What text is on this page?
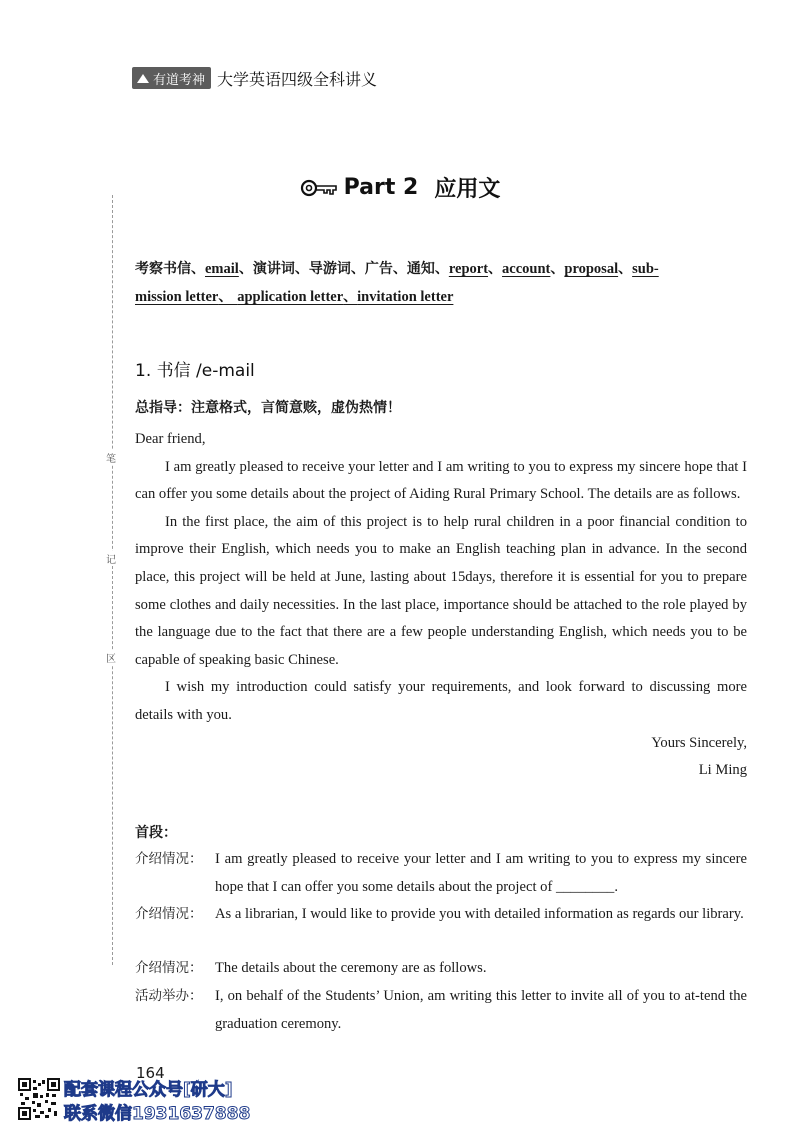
有道考神 大学英语四级全科讲义
笔
记
区
Part 2 应用文
考察书信、email、演讲词、导游词、广告、通知、report、account、proposal、sub-
mission letter、 application letter、invitation letter
1. 书信 /e-mail
总指导：注意格式，言简意赅，虚伪热情！

Dear friend,

I am greatly pleased to receive your letter and I am writing to you to express my sincere hope that I can offer you some details about the project of Aiding Rural Primary School. The details are as follows.

In the first place, the aim of this project is to help rural children in a poor financial condition to improve their English, which needs you to make an English teaching plan in advance. In the second place, this project will be held at June, lasting about 15days, therefore it is essential for you to prepare some clothes and daily necessities. In the last place, importance should be attached to the role played by the language due to the fact that there are a few people understanding English, which needs you to be capable of speaking basic Chinese.

I wish my introduction could satisfy your requirements, and look forward to discussing more details with you.

Yours Sincerely,

Li Ming

首段：
介绍情况： I am greatly pleased to receive your letter and I am writing to you to express my sincere hope that I can offer you some details about the project of ________.
介绍情况： As a librarian, I would like to provide you with detailed information as regards our library.
介绍情况： The details about the ceremony are as follows.
活动举办： I, on behalf of the Students’ Union, am writing this letter to invite all of you to at-tend the graduation ceremony.
164
配套课程公众号[研大]
联系微信1931637888
